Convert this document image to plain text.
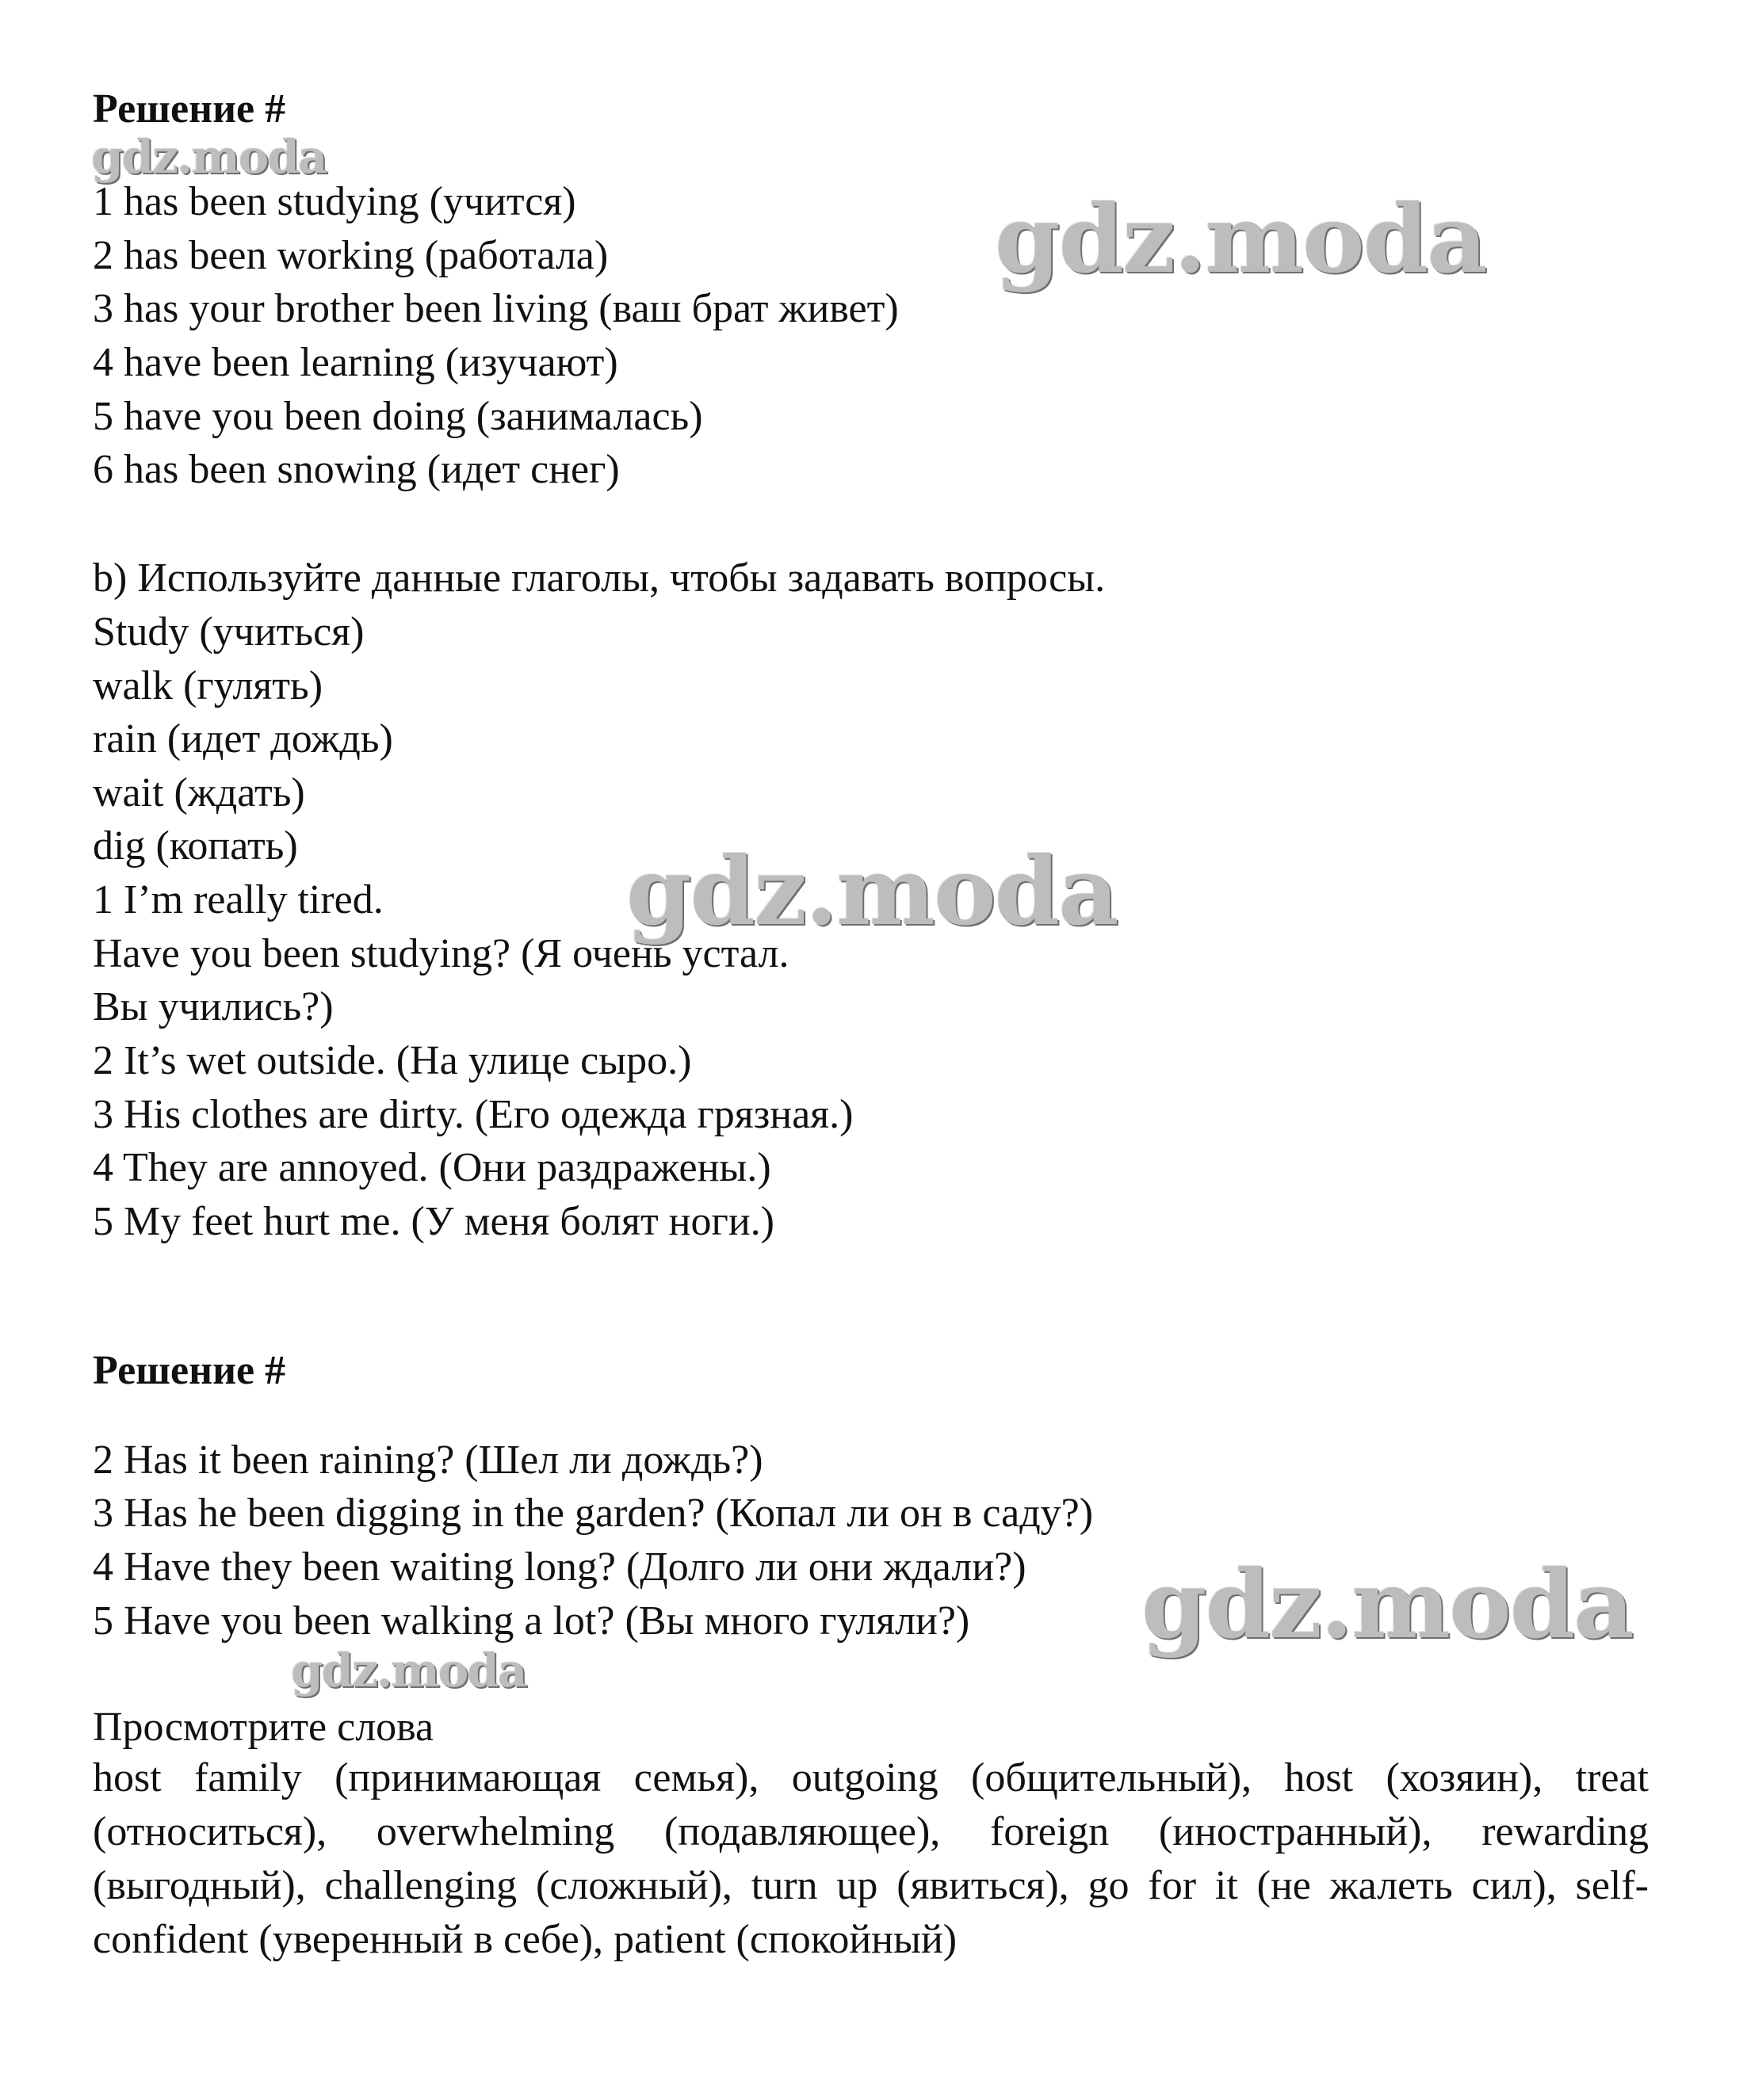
Решение #
gdz.moda
1 has been studying (учится)
2 has been working (работала)
3 has your brother been living (ваш брат живет)
4 have been learning (изучают)
5 have you been doing (занималась)
6 has been snowing (идет снег)
gdz.moda
b) Используйте данные глаголы, чтобы задавать вопросы.
Study (учиться)
walk (гулять)
rain (идет дождь)
wait (ждать)
dig (копать)
1 I’m really tired.
Have you been studying? (Я очень устал.
Вы учились?)
2 It’s wet outside. (На улице сыро.)
3 His clothes are dirty. (Его одежда грязная.)
4 They are annoyed. (Они раздражены.)
5 My feet hurt me. (У меня болят ноги.)
gdz.moda
Решение #
2 Has it been raining? (Шел ли дождь?)
3 Has he been digging in the garden? (Копал ли он в саду?)
4 Have they been waiting long? (Долго ли они ждали?)
5 Have you been walking a lot? (Вы много гуляли?) gdz.moda
gdz.moda
Просмотрите слова
host family (принимающая семья), outgoing (общительный), host (хозяин), treat (относиться), overwhelming (подавляющее), foreign (иностранный), rewarding (выгодный), challenging (сложный), turn up (явиться), go for it (не жалеть сил), self-confident (уверенный в себе), patient (спокойный)
